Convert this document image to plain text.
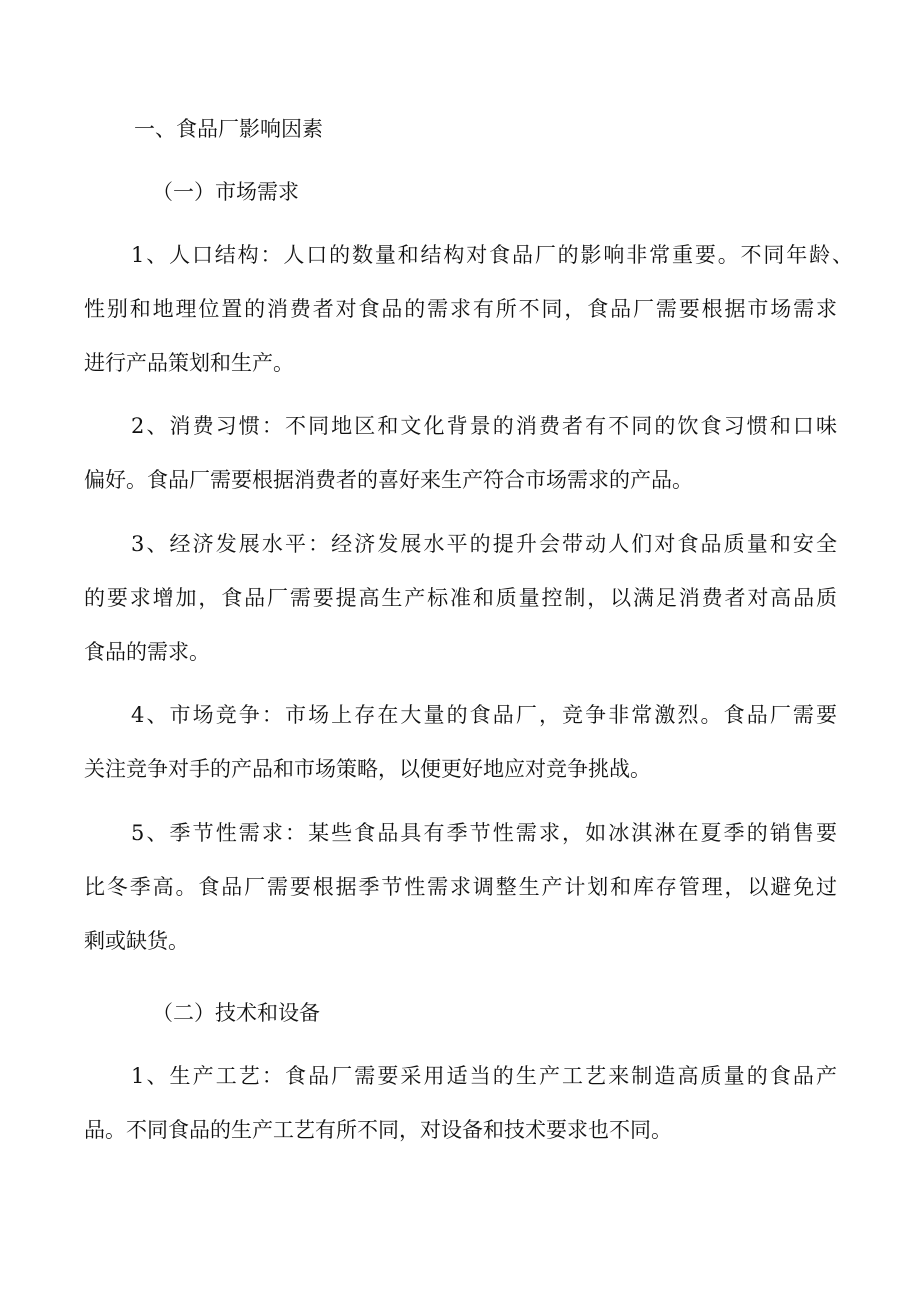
一、食品厂影响因素
（一）市场需求
1、人口结构：人口的数量和结构对食品厂的影响非常重要。不同年龄、
性别和地理位置的消费者对食品的需求有所不同，食品厂需要根据市场需求
进行产品策划和生产。
2、消费习惯：不同地区和文化背景的消费者有不同的饮食习惯和口味
偏好。食品厂需要根据消费者的喜好来生产符合市场需求的产品。
3、经济发展水平：经济发展水平的提升会带动人们对食品质量和安全
的要求增加，食品厂需要提高生产标准和质量控制，以满足消费者对高品质
食品的需求。
4、市场竞争：市场上存在大量的食品厂，竞争非常激烈。食品厂需要
关注竞争对手的产品和市场策略，以便更好地应对竞争挑战。
5、季节性需求：某些食品具有季节性需求，如冰淇淋在夏季的销售要
比冬季高。食品厂需要根据季节性需求调整生产计划和库存管理，以避免过
剩或缺货。
（二）技术和设备
1、生产工艺：食品厂需要采用适当的生产工艺来制造高质量的食品产
品。不同食品的生产工艺有所不同，对设备和技术要求也不同。
